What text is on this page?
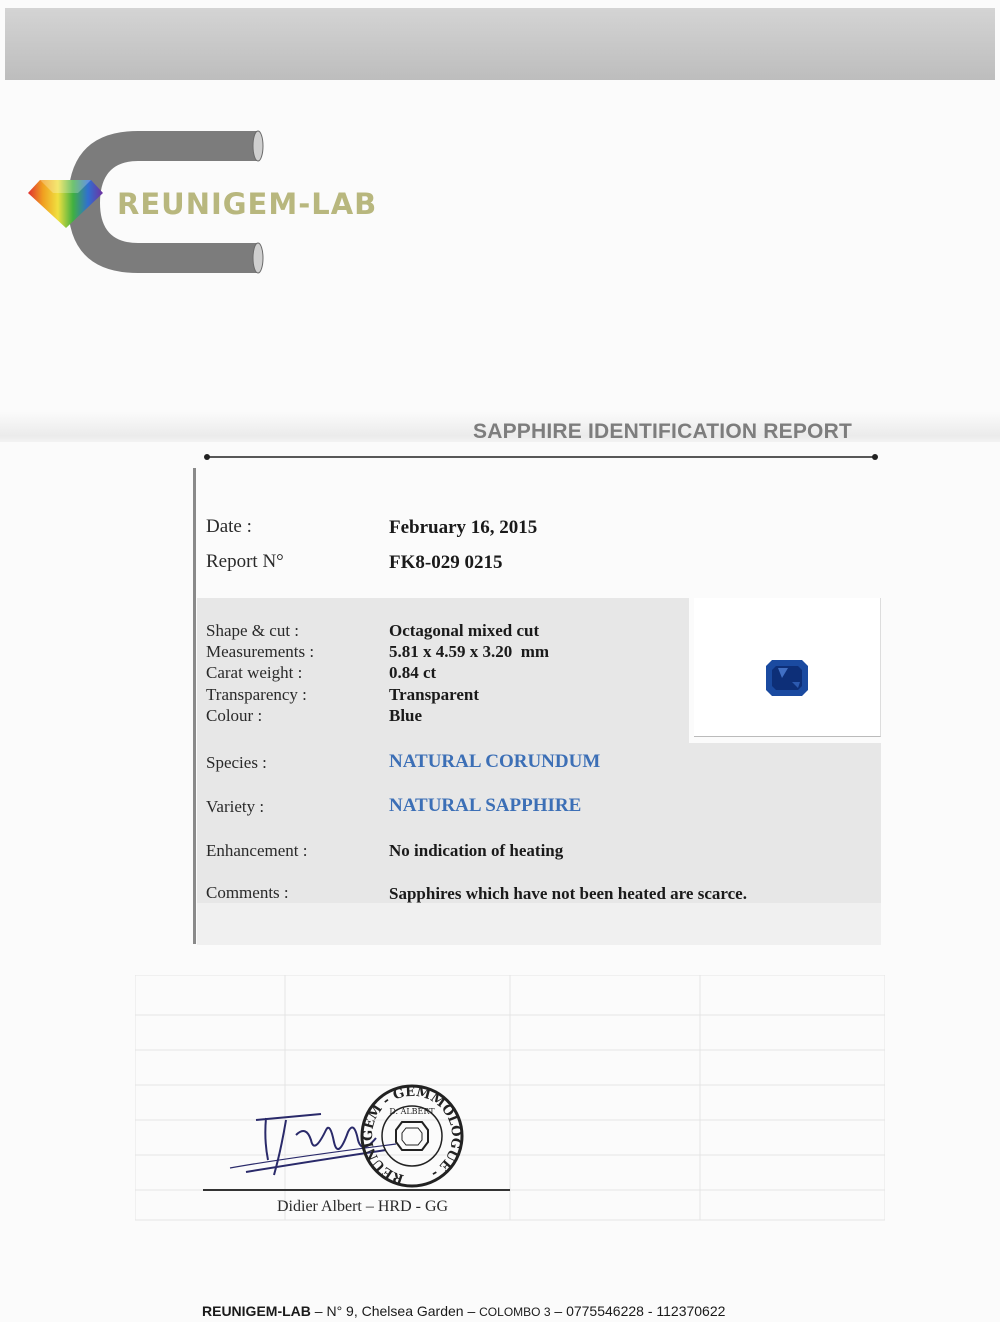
REUNIGEM-LAB
SAPPHIRE IDENTIFICATION REPORT
Date :	February 16, 2015
Report N°	FK8-029 0215
Shape & cut :	Octagonal mixed cut
Measurements :	5.81 x 4.59 x 3.20  mm
Carat weight :	0.84 ct
Transparency :	Transparent
Colour :	Blue
Species :	NATURAL CORUNDUM
Variety :	NATURAL SAPPHIRE
Enhancement :	No indication of heating
Comments :	Sapphires which have not been heated are scarce.
REUNIGEM - GEMMOLOGUE -
D. ALBERT
Didier Albert – HRD - GG
REUNIGEM-LAB – N° 9, Chelsea Garden – COLOMBO 3 – 0775546228 - 112370622
